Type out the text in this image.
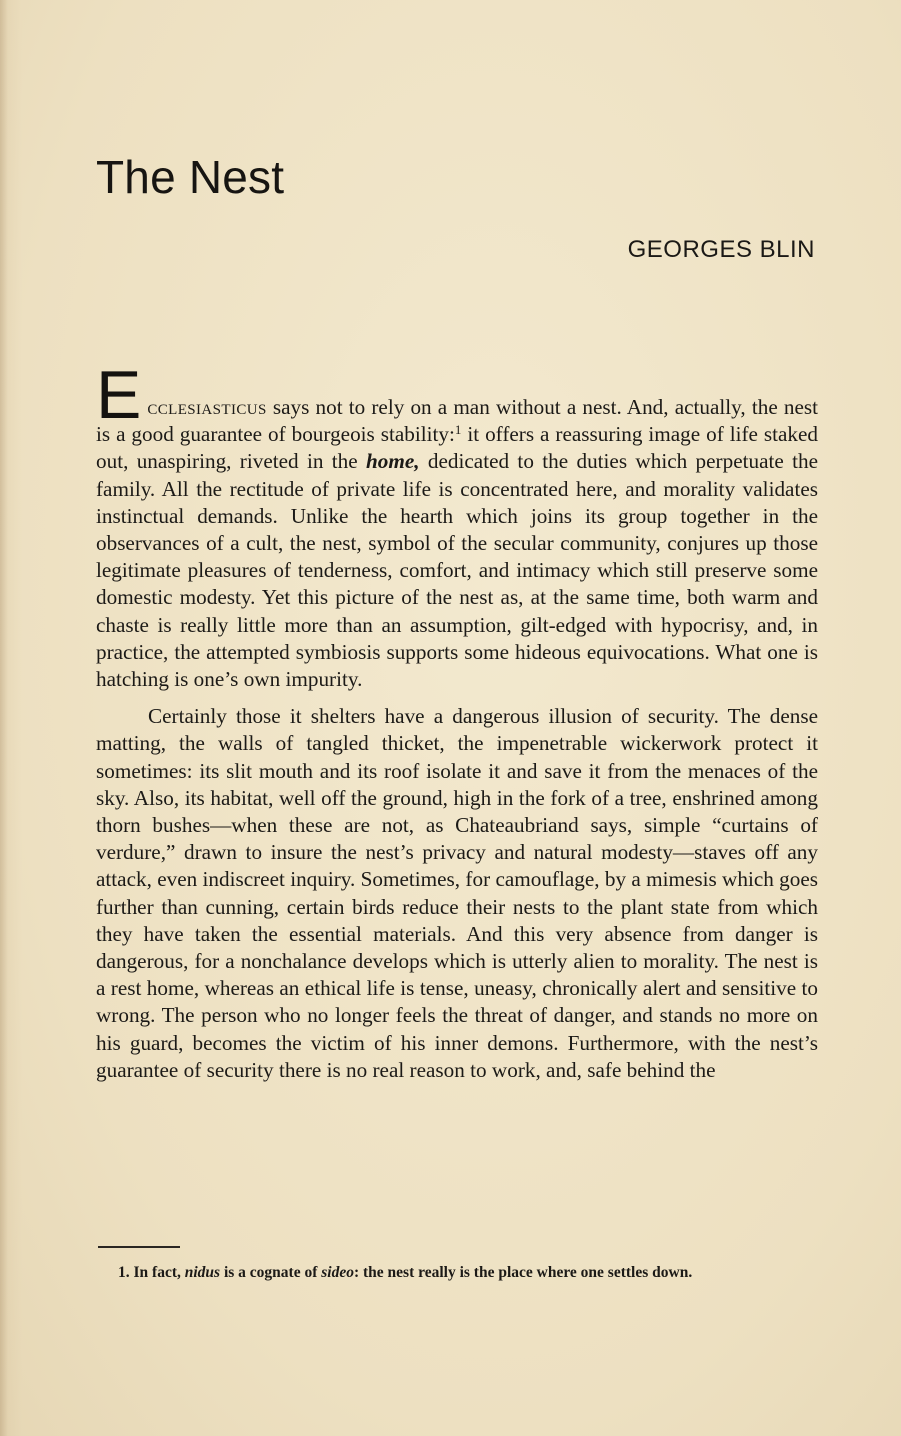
The Nest
GEORGES BLIN

Ecclesiasticus says not to rely on a man without a nest. And, actually, the nest is a good guarantee of bourgeois stability:$^1$ it offers a reassuring image of life staked out, unaspiring, riveted in the home, dedicated to the duties which perpetuate the family. All the rectitude of private life is concentrated here, and morality validates instinctual demands. Unlike the hearth which joins its group together in the observances of a cult, the nest, symbol of the secular community, conjures up those legitimate pleasures of tenderness, comfort, and intimacy which still preserve some domestic modesty. Yet this picture of the nest as, at the same time, both warm and chaste is really little more than an assumption, gilt-edged with hypocrisy, and, in practice, the attempted symbiosis supports some hideous equivocations. What one is hatching is one’s own impurity.

Certainly those it shelters have a dangerous illusion of security. The dense matting, the walls of tangled thicket, the impenetrable wickerwork protect it sometimes: its slit mouth and its roof isolate it and save it from the menaces of the sky. Also, its habitat, well off the ground, high in the fork of a tree, enshrined among thorn bushes—when these are not, as Chateaubriand says, simple “curtains of verdure,” drawn to insure the nest’s privacy and natural modesty—staves off any attack, even indiscreet inquiry. Sometimes, for camouflage, by a mimesis which goes further than cunning, certain birds reduce their nests to the plant state from which they have taken the essential materials. And this very absence from danger is dangerous, for a nonchalance develops which is utterly alien to morality. The nest is a rest home, whereas an ethical life is tense, uneasy, chronically alert and sensitive to wrong. The person who no longer feels the threat of danger, and stands no more on his guard, becomes the victim of his inner demons. Furthermore, with the nest’s guarantee of security there is no real reason to work, and, safe behind the

1. In fact, nidus is a cognate of sideo: the nest really is the place where one settles down.
